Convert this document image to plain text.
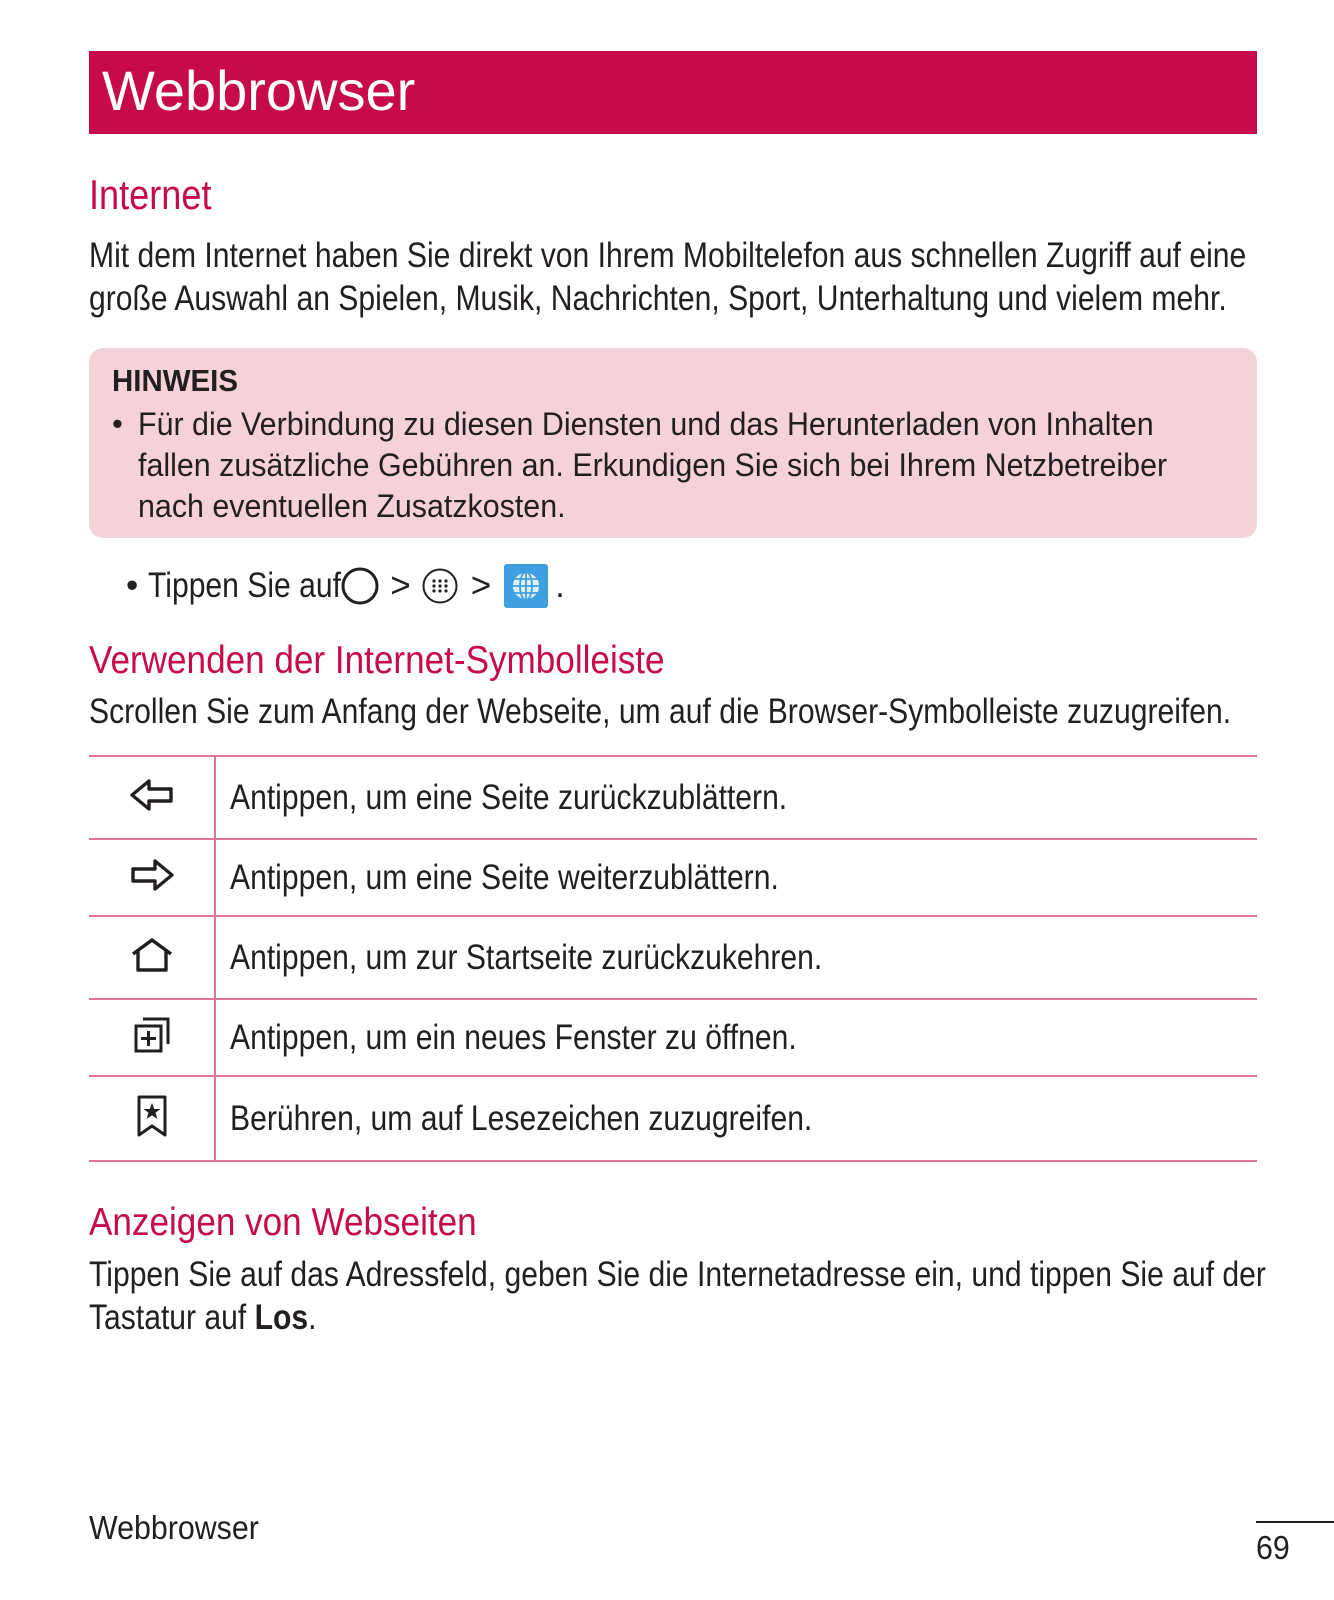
Webbrowser
Internet
Mit dem Internet haben Sie direkt von Ihrem Mobiltelefon aus schnellen Zugriff auf eine
große Auswahl an Spielen, Musik, Nachrichten, Sport, Unterhaltung und vielem mehr.
HINWEIS
• Für die Verbindung zu diesen Diensten und das Herunterladen von Inhalten
fallen zusätzliche Gebühren an. Erkundigen Sie sich bei Ihrem Netzbetreiber
nach eventuellen Zusatzkosten.
• Tippen Sie auf > > .
Verwenden der Internet-Symbolleiste
Scrollen Sie zum Anfang der Webseite, um auf die Browser-Symbolleiste zuzugreifen.
	Antippen, um eine Seite zurückzublättern.
	Antippen, um eine Seite weiterzublättern.
	Antippen, um zur Startseite zurückzukehren.
	Antippen, um ein neues Fenster zu öffnen.
	Berühren, um auf Lesezeichen zuzugreifen.
Anzeigen von Webseiten
Tippen Sie auf das Adressfeld, geben Sie die Internetadresse ein, und tippen Sie auf der
Tastatur auf Los.
Webbrowser
69
